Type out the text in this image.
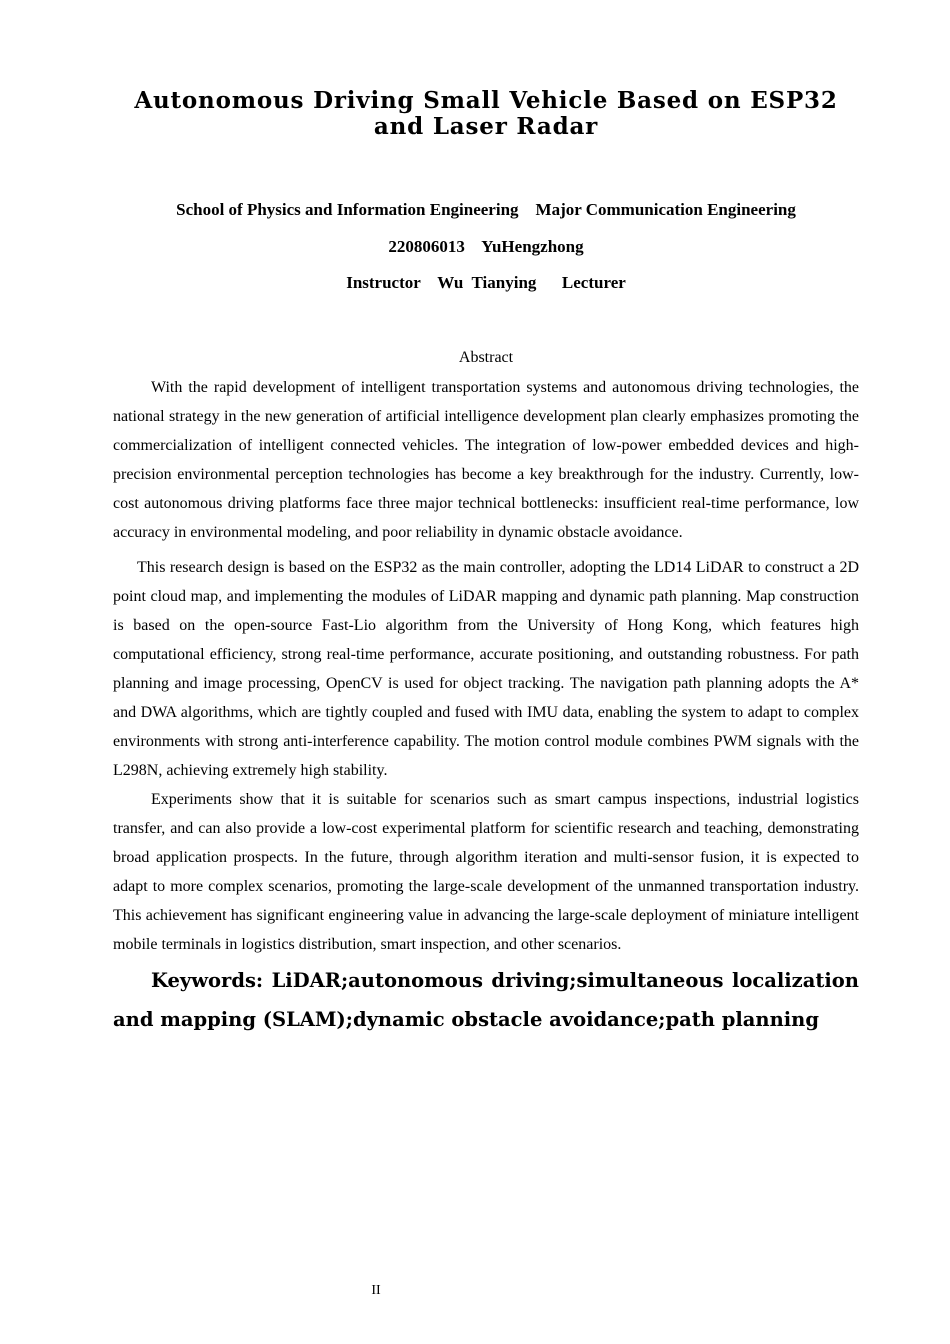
Autonomous Driving Small Vehicle Based on ESP32 and Laser Radar
School of Physics and Information Engineering    Major Communication Engineering
220806013    YuHengzhong
Instructor    Wu  Tianying      Lecturer
Abstract

With the rapid development of intelligent transportation systems and autonomous driving technologies, the national strategy in the new generation of artificial intelligence development plan clearly emphasizes promoting the commercialization of intelligent connected vehicles. The integration of low-power embedded devices and high-precision environmental perception technologies has become a key breakthrough for the industry. Currently, low-cost autonomous driving platforms face three major technical bottlenecks: insufficient real-time performance, low accuracy in environmental modeling, and poor reliability in dynamic obstacle avoidance.

This research design is based on the ESP32 as the main controller, adopting the LD14 LiDAR to construct a 2D point cloud map, and implementing the modules of LiDAR mapping and dynamic path planning. Map construction is based on the open-source Fast-Lio algorithm from the University of Hong Kong, which features high computational efficiency, strong real-time performance, accurate positioning, and outstanding robustness. For path planning and image processing, OpenCV is used for object tracking. The navigation path planning adopts the A* and DWA algorithms, which are tightly coupled and fused with IMU data, enabling the system to adapt to complex environments with strong anti-interference capability. The motion control module combines PWM signals with the L298N, achieving extremely high stability.

Experiments show that it is suitable for scenarios such as smart campus inspections, industrial logistics transfer, and can also provide a low-cost experimental platform for scientific research and teaching, demonstrating broad application prospects. In the future, through algorithm iteration and multi-sensor fusion, it is expected to adapt to more complex scenarios, promoting the large-scale development of the unmanned transportation industry. This achievement has significant engineering value in advancing the large-scale deployment of miniature intelligent mobile terminals in logistics distribution, smart inspection, and other scenarios.

Keywords: LiDAR;autonomous driving;simultaneous localization and mapping (SLAM);dynamic obstacle avoidance;path planning

II
